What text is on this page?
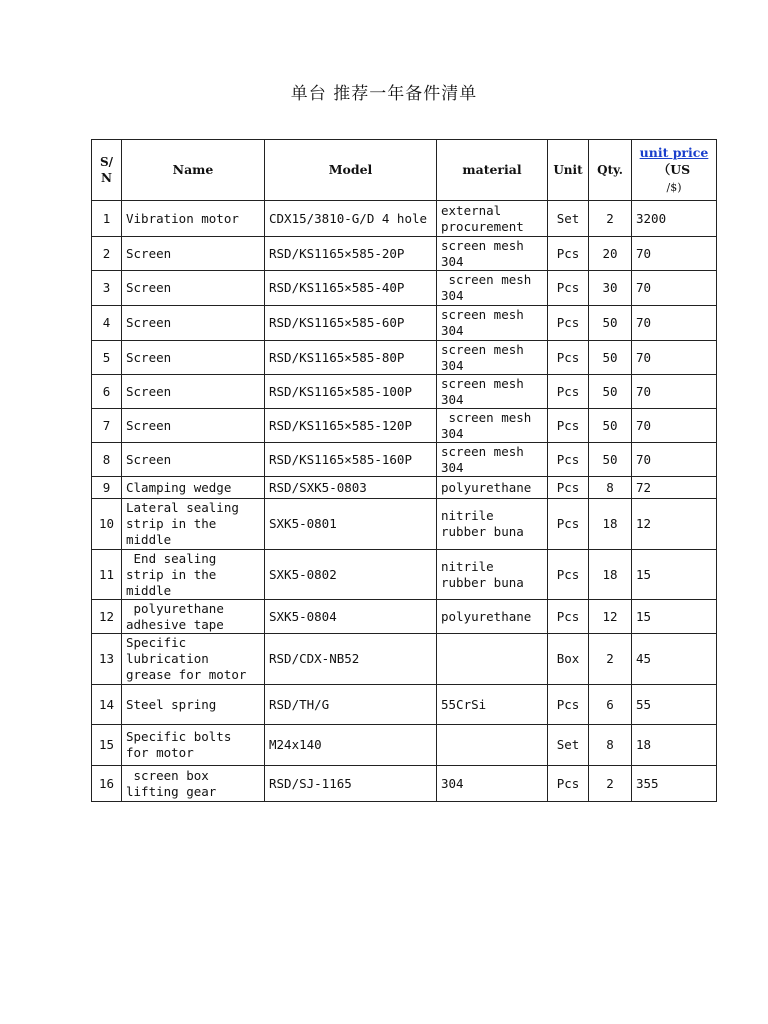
单台 推荐一年备件清单
S/ N	Name	Model	material	Unit	Qty.	unit price（US
/$)
1	Vibration motor	CDX15/3810-G/D 4 hole	external procurement	Set	2	3200
2	Screen	RSD/KS1165×585-20P	screen mesh 304	Pcs	20	70
3	Screen	RSD/KS1165×585-40P	screen mesh 304	Pcs	30	70
4	Screen	RSD/KS1165×585-60P	screen mesh 304	Pcs	50	70
5	Screen	RSD/KS1165×585-80P	screen mesh 304	Pcs	50	70
6	Screen	RSD/KS1165×585-100P	screen mesh 304	Pcs	50	70
7	Screen	RSD/KS1165×585-120P	screen mesh 304	Pcs	50	70
8	Screen	RSD/KS1165×585-160P	screen mesh 304	Pcs	50	70
9	Clamping wedge	RSD/SXK5-0803	polyurethane	Pcs	8	72
10	Lateral sealing strip in the middle	SXK5-0801	nitrile rubber buna	Pcs	18	12
11	End sealing strip in the middle	SXK5-0802	nitrile rubber buna	Pcs	18	15
12	polyurethane adhesive tape	SXK5-0804	polyurethane	Pcs	12	15
13	Specific lubrication grease for motor	RSD/CDX-NB52		Box	2	45
14	Steel spring	RSD/TH/G	55CrSi	Pcs	6	55
15	Specific bolts for motor	M24x140		Set	8	18
16	screen box lifting gear	RSD/SJ-1165	304	Pcs	2	355
